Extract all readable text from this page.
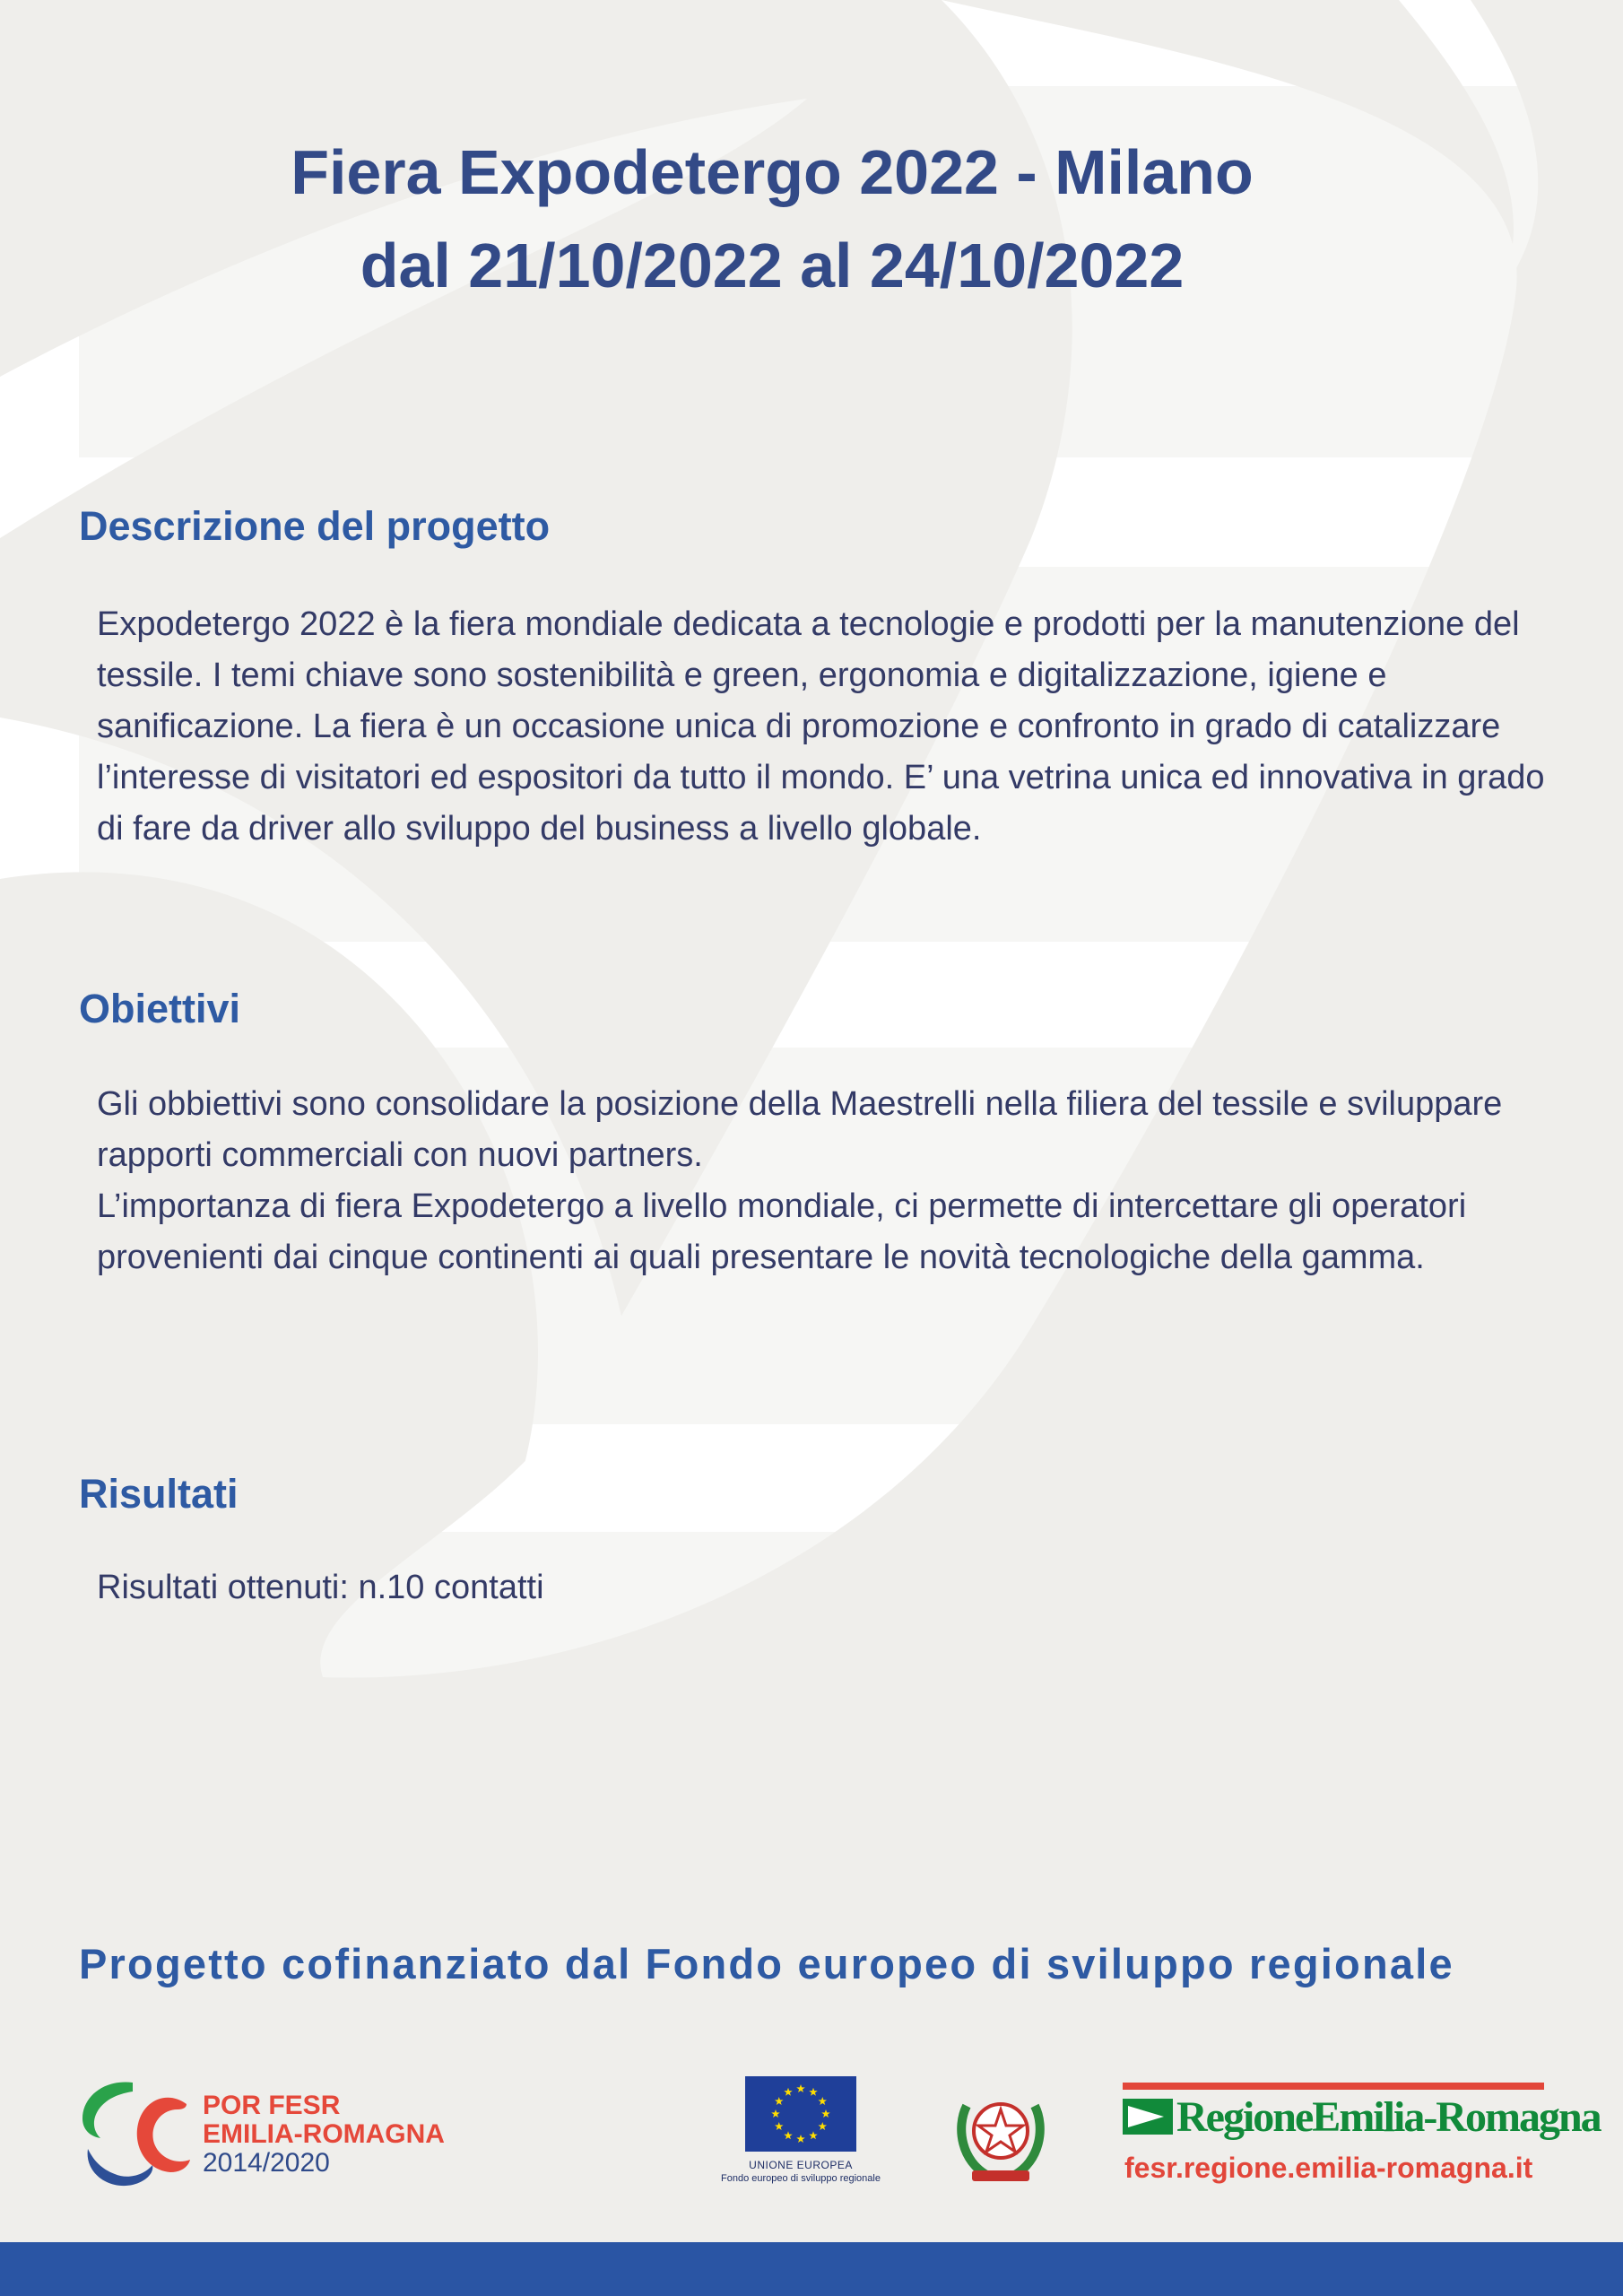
Fiera Expodetergo 2022 - Milano
dal 21/10/2022 al 24/10/2022
Descrizione del progetto

Expodetergo 2022 è la fiera mondiale dedicata a tecnologie e prodotti per la manutenzione del tessile. I temi chiave sono sostenibilità e green, ergonomia e digitalizzazione, igiene e sanificazione. La fiera è un occasione unica di promozione e confronto in grado di catalizzare l’interesse di visitatori ed espositori da tutto il mondo. E’ una vetrina unica ed innovativa in grado di fare da driver allo sviluppo del business a livello globale.

Obiettivi

Gli obbiettivi sono consolidare la posizione della Maestrelli nella filiera del tessile e sviluppare rapporti commerciali con nuovi partners.

L’importanza di fiera Expodetergo a livello mondiale, ci permette di intercettare gli operatori provenienti dai cinque continenti ai quali presentare le novità tecnologiche della gamma.

Risultati

Risultati ottenuti: n.10 contatti

Progetto cofinanziato dal Fondo europeo di sviluppo regionale
POR FESR
EMILIA-ROMAGNA
2014/2020	UNIONE EUROPEA
Fondo europeo di sviluppo regionale
RegioneEmilia-Romagna
fesr.regione.emilia-romagna.it
